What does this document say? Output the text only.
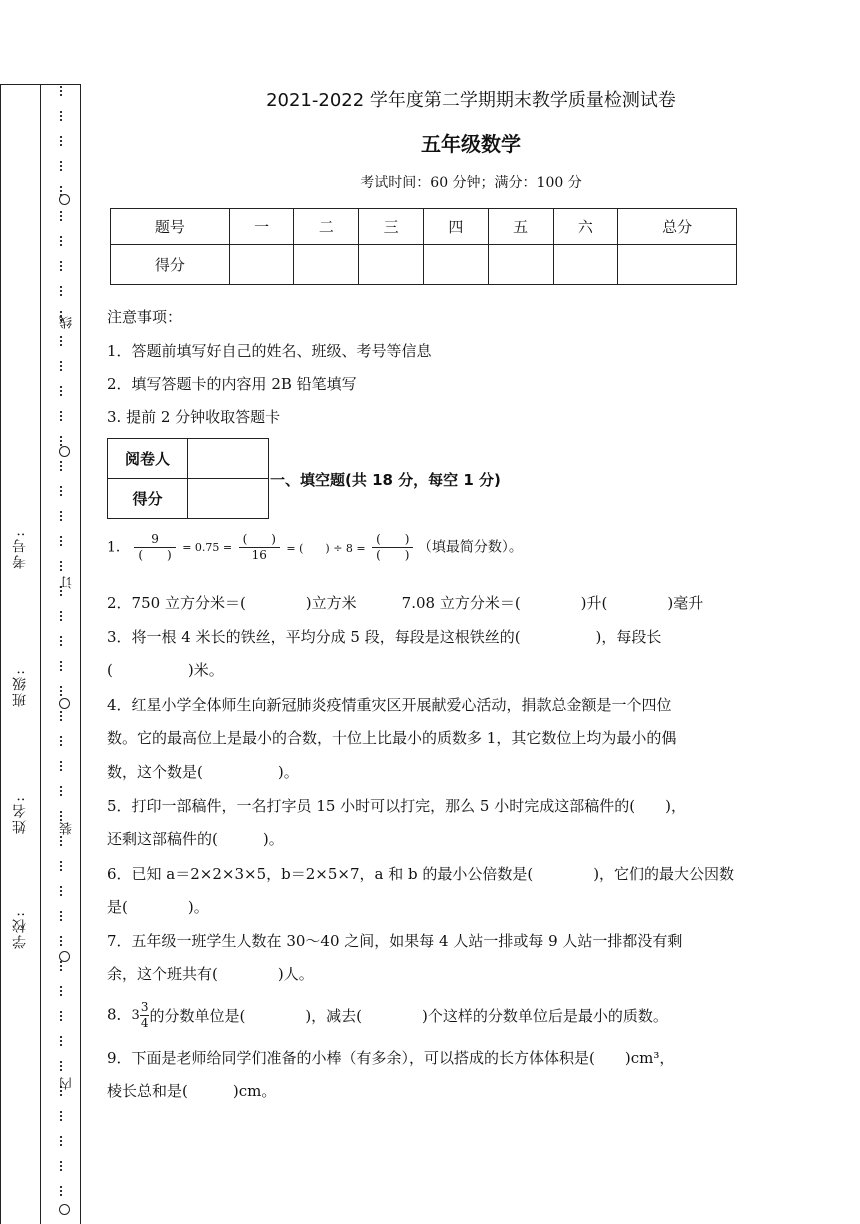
考号:
班级:
姓名:
学校:
线
订
装
内
2021-2022 学年度第二学期期末教学质量检测试卷
五年级数学
考试时间：60 分钟；满分：100 分
题号	一	二	三	四	五	六	总分
得分							
注意事项：
1．答题前填写好自己的姓名、班级、考号等信息
2．填写答题卡的内容用 2B 铅笔填写
3. 提前 2 分钟收取答题卡
阅卷人	
得分	
一、填空题(共 18 分，每空 1 分)
1． $\frac{9}{( )} = 0.75 = \frac{( )}{16}$ = (　　) ÷ $8 = \frac{( )}{( )}$ （填最简分数）。
2．750 立方分米＝(　　　　)立方米　　　7.08 立方分米＝(　　　　)升(　　　　)毫升
3．将一根 4 米长的铁丝，平均分成 5 段，每段是这根铁丝的(　　　　　)，每段长
(　　　　　)米。
4．红星小学全体师生向新冠肺炎疫情重灾区开展献爱心活动，捐款总金额是一个四位
数。它的最高位上是最小的合数，十位上比最小的质数多 1，其它数位上均为最小的偶
数，这个数是(　　　　　)。
5．打印一部稿件，一名打字员 15 小时可以打完，那么 5 小时完成这部稿件的(　　)，
还剩这部稿件的(　　　)。
6．已知 a＝2×2×3×5，b＝2×5×7，a 和 b 的最小公倍数是(　　　　)，它们的最大公因数
是(　　　　)。
7．五年级一班学生人数在 30～40 之间，如果每 4 人站一排或每 9 人站一排都没有剩
余，这个班共有(　　　　)人。
8．$3 \frac{3}{4}$ 的分数单位是(　　　　)，减去(　　　　)个这样的分数单位后是最小的质数。
9．下面是老师给同学们准备的小棒（有多余），可以搭成的长方体体积是(　　)cm³，
棱长总和是(　　　)cm。
